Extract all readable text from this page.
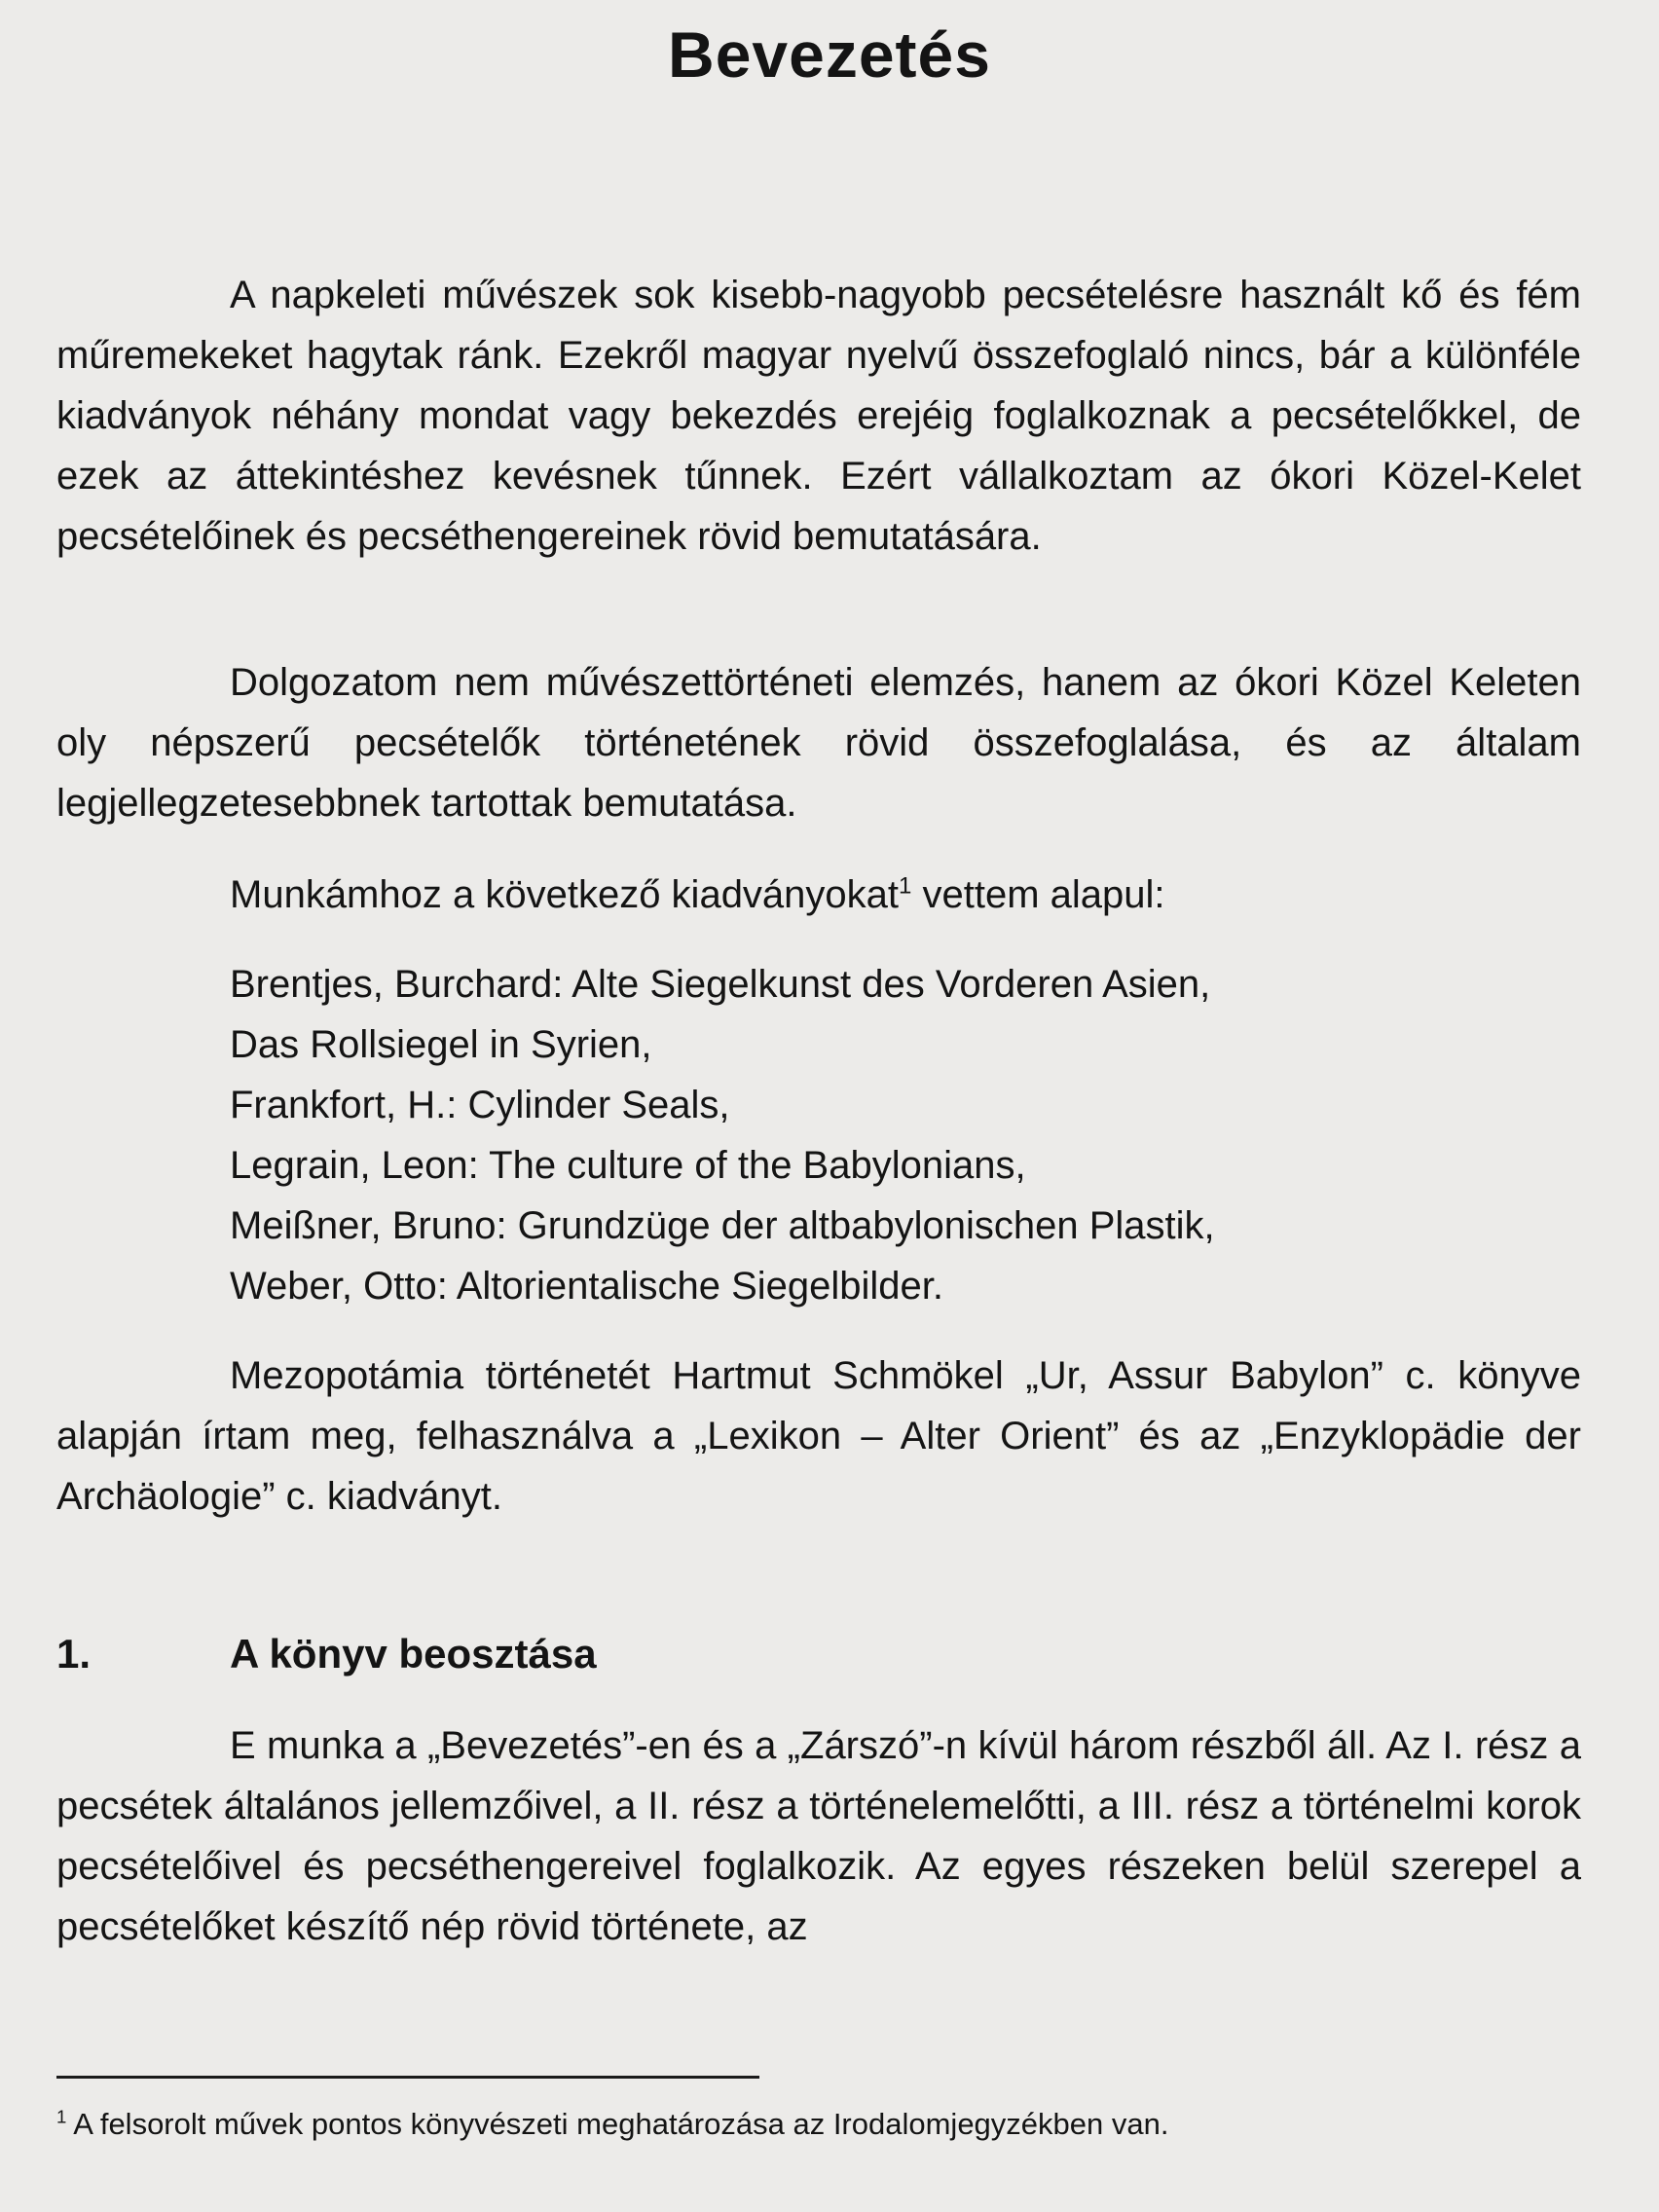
Bevezetés
A napkeleti művészek sok kisebb-nagyobb pecsételésre használt kő és fém műremekeket hagytak ránk. Ezekről magyar nyelvű összefoglaló nincs, bár a különféle kiadványok néhány mondat vagy bekezdés erejéig foglalkoznak a pecsételőkkel, de ezek az áttekintéshez kevésnek tűnnek. Ezért vállalkoztam az ókori Közel-Kelet pecsételőinek és pecséthengereinek rövid bemutatására.
Dolgozatom nem művészettörténeti elemzés, hanem az ókori Közel Keleten oly népszerű pecsételők történetének rövid összefoglalása, és az általam legjellegzetesebbnek tartottak bemutatása.
Munkámhoz a következő kiadványokat$^1$ vettem alapul:
Brentjes, Burchard: Alte Siegelkunst des Vorderen Asien,
Das Rollsiegel in Syrien,
Frankfort, H.: Cylinder Seals,
Legrain, Leon: The culture of the Babylonians,
Meißner, Bruno: Grundzüge der altbabylonischen Plastik,
Weber, Otto: Altorientalische Siegelbilder.
Mezopotámia történetét Hartmut Schmökel „Ur, Assur Babylon” c. könyve alapján írtam meg, felhasználva a „Lexikon – Alter Orient” és az „Enzyklopädie der Archäologie” c. kiadványt.
1.	A könyv beosztása
E munka a „Bevezetés”-en és a „Zárszó”-n kívül három részből áll. Az I. rész a pecsétek általános jellemzőivel, a II. rész a történelemelőtti, a III. rész a történelmi korok pecsételőivel és pecséthengereivel foglalkozik. Az egyes részeken belül szerepel a pecsételőket készítő nép rövid története, az
$^1$ A felsorolt művek pontos könyvészeti meghatározása az Irodalomjegyzékben van.
